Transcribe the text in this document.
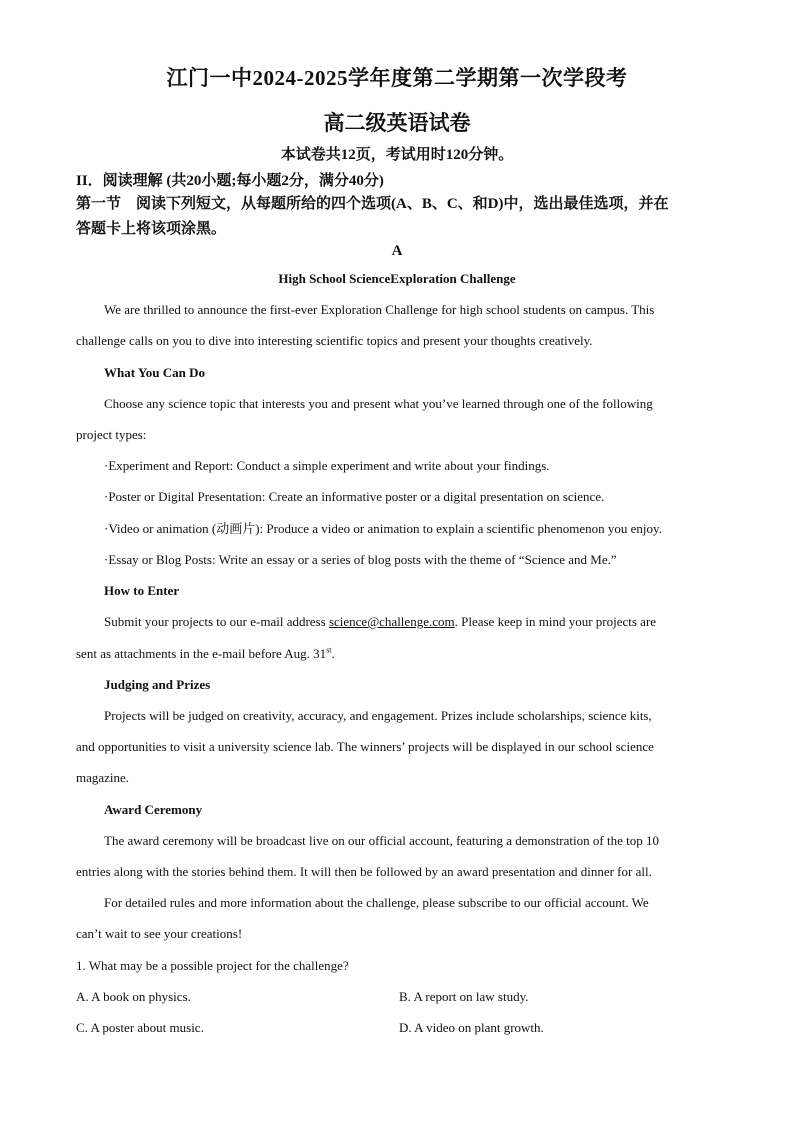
江门一中2024-2025学年度第二学期第一次学段考
高二级英语试卷
本试卷共12页，考试用时120分钟。
II．阅读理解 (共20小题;每小题2分，满分40分)
第一节　阅读下列短文，从每题所给的四个选项(A、B、C、和D)中，选出最佳选项，并在
答题卡上将该项涂黑。
A
High School ScienceExploration Challenge
We are thrilled to announce the first-ever Exploration Challenge for high school students on campus. This
challenge calls on you to dive into interesting scientific topics and present your thoughts creatively.
What You Can Do
Choose any science topic that interests you and present what you’ve learned through one of the following
project types:
·Experiment and Report: Conduct a simple experiment and write about your findings.
·Poster or Digital Presentation: Create an informative poster or a digital presentation on science.
·Video or animation (动画片): Produce a video or animation to explain a scientific phenomenon you enjoy.
·Essay or Blog Posts: Write an essay or a series of blog posts with the theme of “Science and Me.”
How to Enter
Submit your projects to our e-mail address science@challenge.com. Please keep in mind your projects are
sent as attachments in the e-mail before Aug. 31st.
Judging and Prizes
Projects will be judged on creativity, accuracy, and engagement. Prizes include scholarships, science kits,
and opportunities to visit a university science lab. The winners’ projects will be displayed in our school science
magazine.
Award Ceremony
The award ceremony will be broadcast live on our official account, featuring a demonstration of the top 10
entries along with the stories behind them. It will then be followed by an award presentation and dinner for all.
For detailed rules and more information about the challenge, please subscribe to our official account. We
can’t wait to see your creations!
1. What may be a possible project for the challenge?
A. A book on physics.	B. A report on law study.
C. A poster about music.	D. A video on plant growth.
